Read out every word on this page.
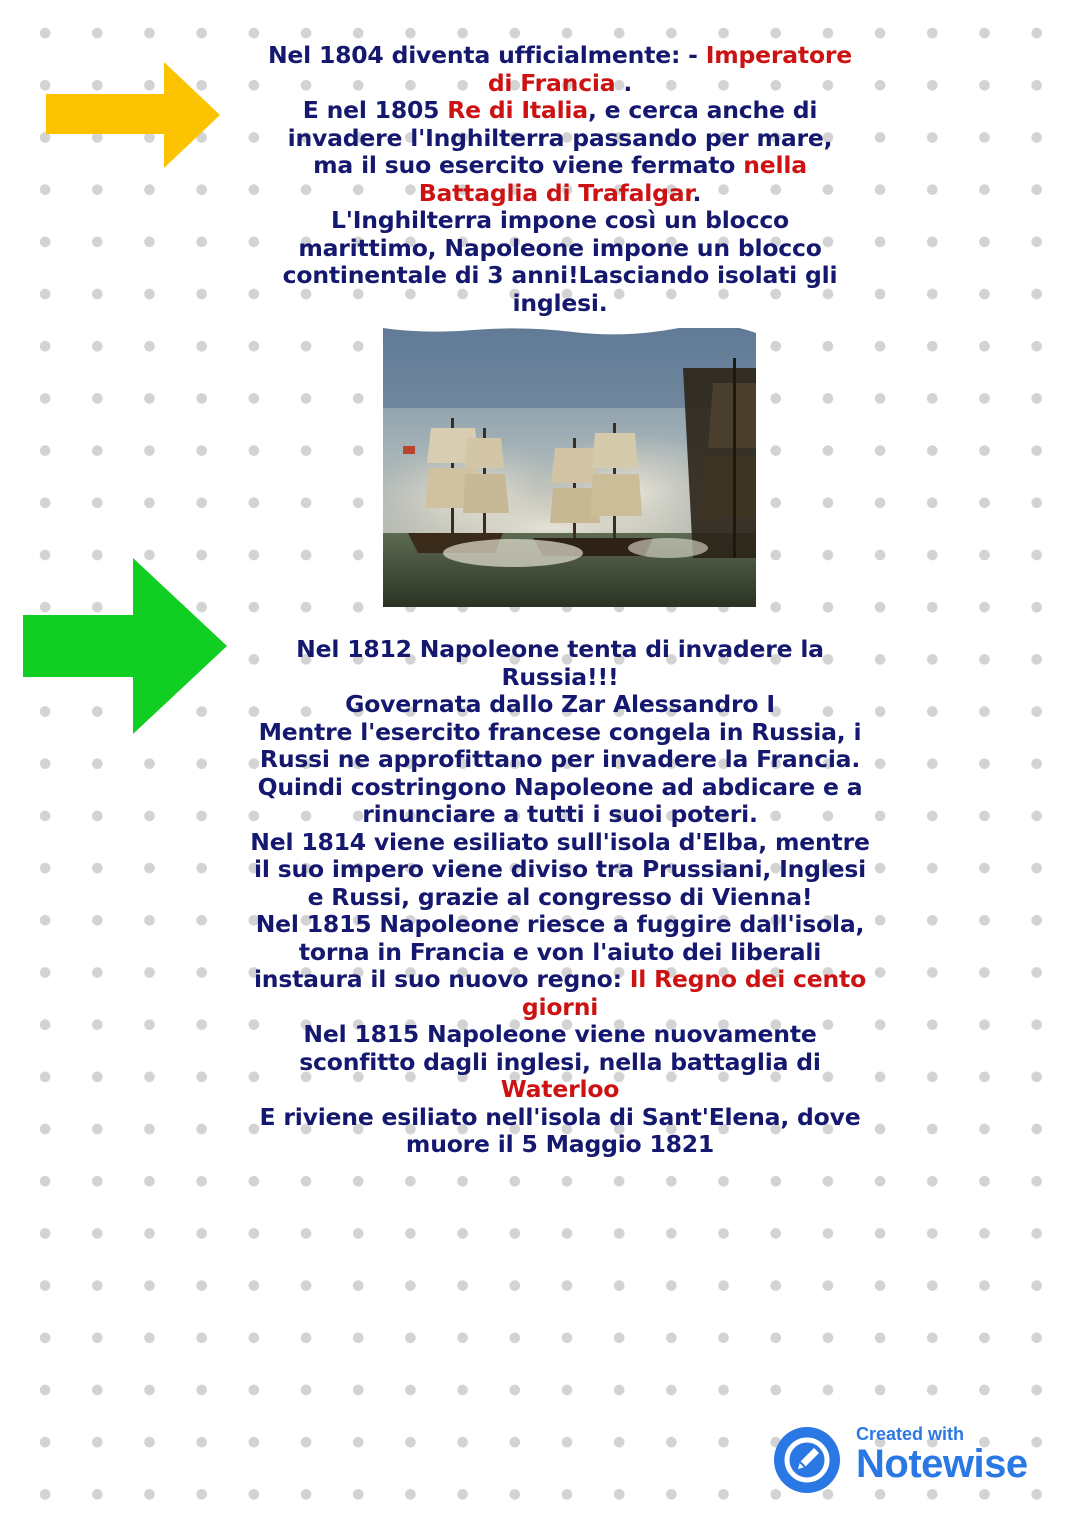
Nel 1804 diventa ufficialmente: - Imperatore
di Francia .
E nel 1805 Re di Italia, e cerca anche di
invadere l'Inghilterra passando per mare,
ma il suo esercito viene fermato nella
Battaglia di Trafalgar.
L'Inghilterra impone così un blocco
marittimo, Napoleone impone un blocco
continentale di 3 anni!Lasciando isolati gli
inglesi.
Nel 1812 Napoleone tenta di invadere la
Russia!!!
Governata dallo Zar Alessandro I
Mentre l'esercito francese congela in Russia, i
Russi ne approfittano per invadere la Francia.
Quindi costringono Napoleone ad abdicare e a
rinunciare a tutti i suoi poteri.
Nel 1814 viene esiliato sull'isola d'Elba, mentre
il suo impero viene diviso tra Prussiani, Inglesi
e Russi, grazie al congresso di Vienna!
Nel 1815 Napoleone riesce a fuggire dall'isola,
torna in Francia e von l'aiuto dei liberali
instaura il suo nuovo regno: Il Regno dei cento
giorni
Nel 1815 Napoleone viene nuovamente
sconfitto dagli inglesi, nella battaglia di
Waterloo
E riviene esiliato nell'isola di Sant'Elena, dove
muore il 5 Maggio 1821
Created with
Notewise
